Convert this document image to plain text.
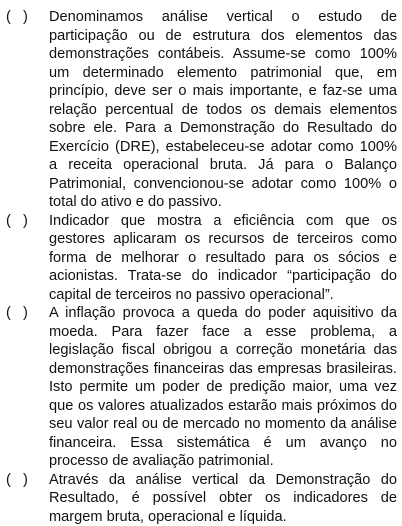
(   ) Denominamos análise vertical o estudo de participação ou de estrutura dos elementos das demonstrações contábeis. Assume-se como 100% um determinado elemento patrimonial que, em princípio, deve ser o mais importante, e faz-se uma relação percentual de todos os demais elementos sobre ele. Para a Demonstração do Resultado do Exercício (DRE), estabeleceu-se adotar como 100% a receita operacional bruta. Já para o Balanço Patrimonial, convencionou-se adotar como 100% o total do ativo e do passivo.

(   ) Indicador que mostra a eficiência com que os gestores aplicaram os recursos de terceiros como forma de melhorar o resultado para os sócios e acionistas. Trata-se do indicador “participação do capital de terceiros no passivo operacional”.

(   ) A inflação provoca a queda do poder aquisitivo da moeda. Para fazer face a esse problema, a legislação fiscal obrigou a correção monetária das demonstrações financeiras das empresas brasileiras. Isto permite um poder de predição maior, uma vez que os valores atualizados estarão mais próximos do seu valor real ou de mercado no momento da análise financeira. Essa sistemática é um avanço no processo de avaliação patrimonial.

(   ) Através da análise vertical da Demonstração do Resultado, é possível obter os indicadores de margem bruta, operacional e líquida.
